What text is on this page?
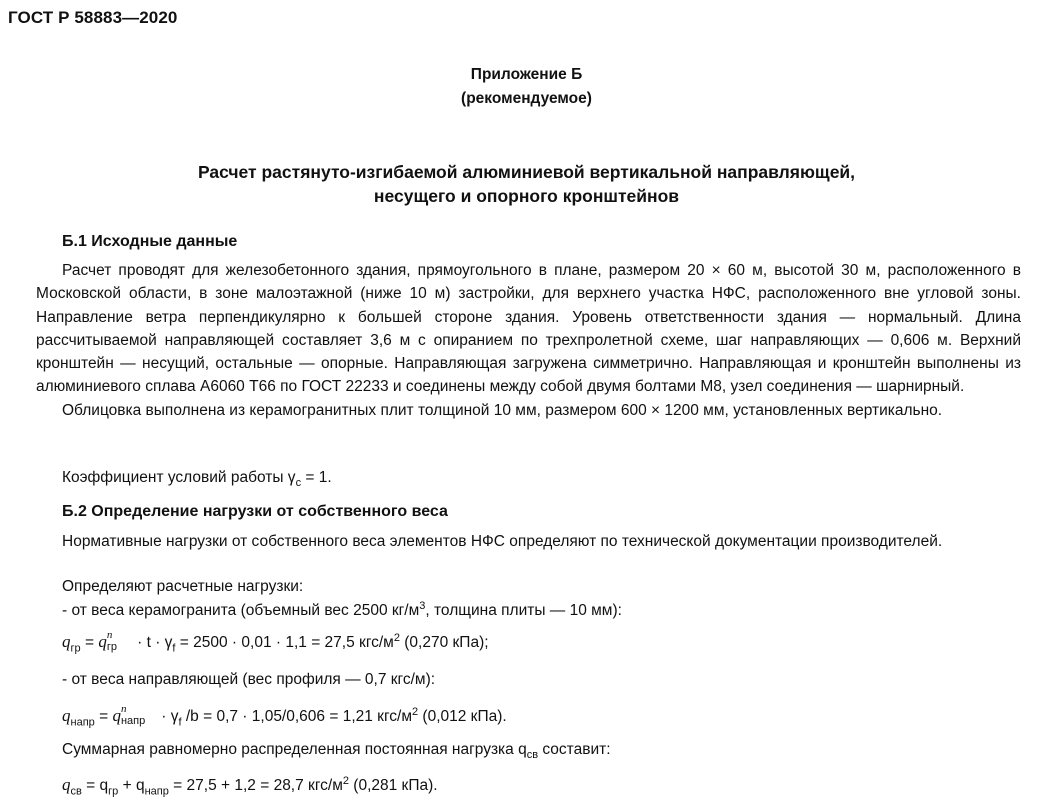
ГОСТ Р 58883—2020
Приложение Б
(рекомендуемое)
Расчет растянуто-изгибаемой алюминиевой вертикальной направляющей,
несущего и опорного кронштейнов
Б.1 Исходные данные

Расчет проводят для железобетонного здания, прямоугольного в плане, размером 20 × 60 м, высотой 30 м, расположенного в Московской области, в зоне малоэтажной (ниже 10 м) застройки, для верхнего участка НФС, расположенного вне угловой зоны. Направление ветра перпендикулярно к большей стороне здания. Уровень ответственности здания — нормальный. Длина рассчитываемой направляющей составляет 3,6 м с опиранием по трехпролетной схеме, шаг направляющих — 0,606 м. Верхний кронштейн — несущий, остальные — опорные. Направляющая загружена симметрично. Направляющая и кронштейн выполнены из алюминиевого сплава А6060 Т66 по ГОСТ 22233 и соединены между собой двумя болтами М8, узел соединения — шарнирный.

Облицовка выполнена из керамогранитных плит толщиной 10 мм, размером 600 × 1200 мм, установленных вертикально.

Коэффициент условий работы $\gamma_c = 1$.
Б.2 Определение нагрузки от собственного веса
Нормативные нагрузки от собственного веса элементов НФС определяют по технической документации производителей.
Определяют расчетные нагрузки:
- от веса керамогранита (объемный вес 2500 $кг/м^3$, толщина плиты — 10 мм):
$q_{гр} = q$ n
гр · $t \cdot \gamma_f = 2500 \cdot 0,01 \cdot 1,1 = 27,5$ кгс/$м^2$ (0,270 кПа);
- от веса направляющей (вес профиля — 0,7 кгс/м):
$q_{напр} = q$ n
напр · $\gamma_f$ /b = 0,7 · 1,05/0,606 = 1,21 кгс/$м^2$ (0,012 кПа).
Суммарная равномерно распределенная постоянная нагрузка $q_{св}$ составит:
$q_{св} = q_{гр} + q_{напр} = 27,5 + 1,2 = 28,7$ кгс/$м^2$ (0,281 кПа).
